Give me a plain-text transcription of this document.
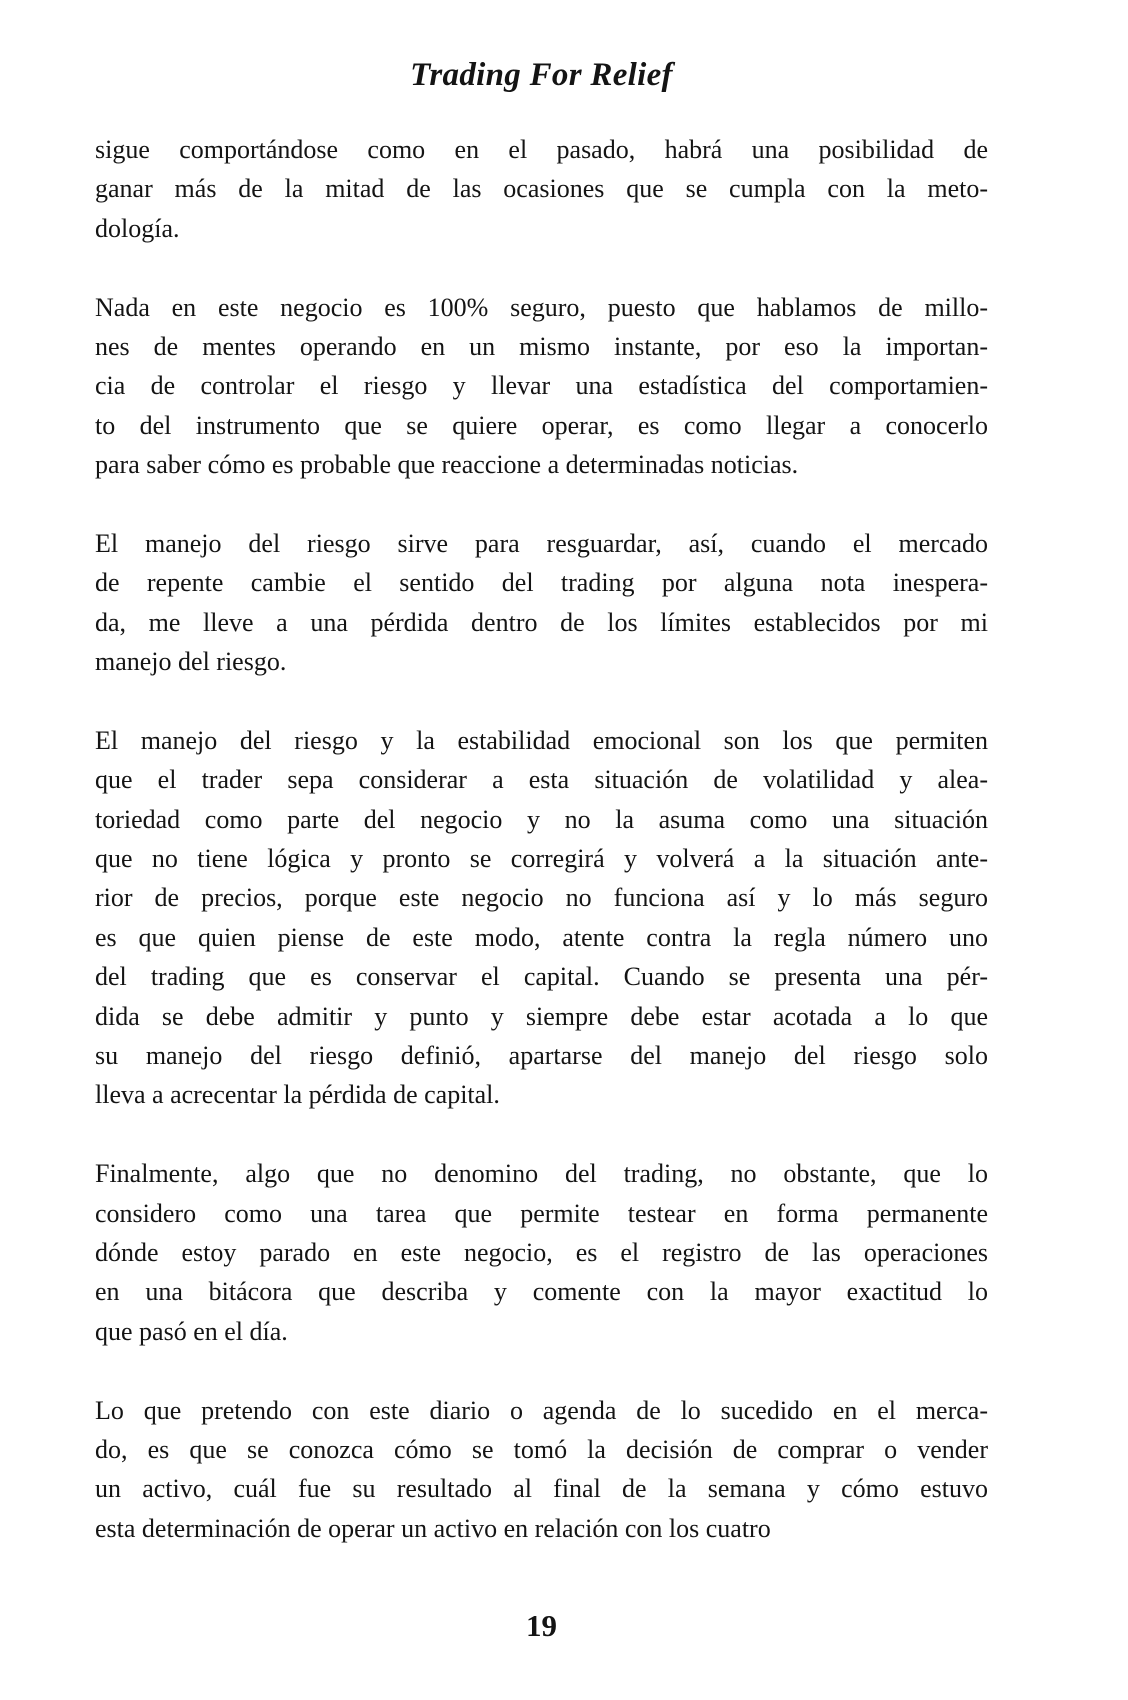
Trading For Relief
sigue comportándose como en el pasado, habrá una posibilidad de
ganar más de la mitad de las ocasiones que se cumpla con la meto-
dología.
Nada en este negocio es 100% seguro, puesto que hablamos de millo-
nes de mentes operando en un mismo instante, por eso la importan-
cia de controlar el riesgo y llevar una estadística del comportamien-
to del instrumento que se quiere operar, es como llegar a conocerlo
para saber cómo es probable que reaccione a determinadas noticias.
El manejo del riesgo sirve para resguardar, así, cuando el mercado
de repente cambie el sentido del trading por alguna nota inespera-
da, me lleve a una pérdida dentro de los límites establecidos por mi
manejo del riesgo.
El manejo del riesgo y la estabilidad emocional son los que permiten
que el trader sepa considerar a esta situación de volatilidad y alea-
toriedad como parte del negocio y no la asuma como una situación
que no tiene lógica y pronto se corregirá y volverá a la situación ante-
rior de precios, porque este negocio no funciona así y lo más seguro
es que quien piense de este modo, atente contra la regla número uno
del trading que es conservar el capital. Cuando se presenta una pér-
dida se debe admitir y punto y siempre debe estar acotada a lo que
su manejo del riesgo definió, apartarse del manejo del riesgo solo
lleva a acrecentar la pérdida de capital.
Finalmente, algo que no denomino del trading, no obstante, que lo
considero como una tarea que permite testear en forma permanente
dónde estoy parado en este negocio, es el registro de las operaciones
en una bitácora que describa y comente con la mayor exactitud lo
que pasó en el día.
Lo que pretendo con este diario o agenda de lo sucedido en el merca-
do, es que se conozca cómo se tomó la decisión de comprar o vender
un activo, cuál fue su resultado al final de la semana y cómo estuvo
esta determinación de operar un activo en relación con los cuatro
19
